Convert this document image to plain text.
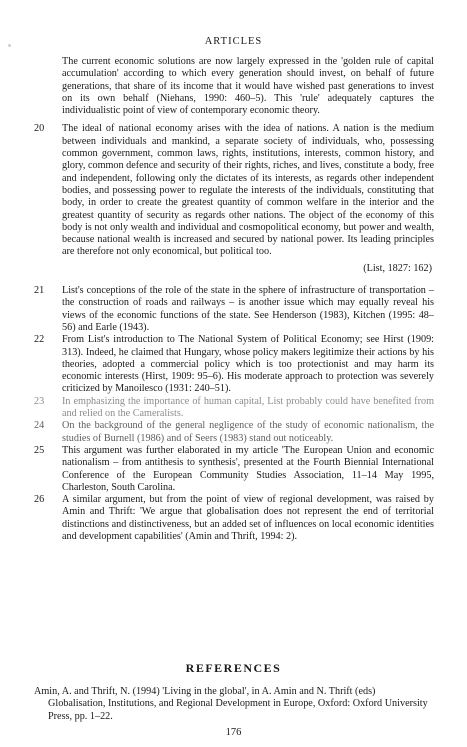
ARTICLES

The current economic solutions are now largely expressed in the 'golden rule of capital accumulation' according to which every generation should invest, on behalf of future generations, that share of its income that it would have wished past generations to invest on its own behalf (Niehans, 1990: 460–5). This 'rule' adequately captures the individualistic point of view of contemporary economic theory.

20	The ideal of national economy arises with the idea of nations. A nation is the medium between individuals and mankind, a separate society of individuals, who, possessing common government, common laws, rights, institutions, interests, common history, and glory, common defence and security of their rights, riches, and lives, constitute a body, free and independent, following only the dictates of its interests, as regards other independent bodies, and possessing power to regulate the interests of the individuals, constituting that body, in order to create the greatest quantity of common welfare in the interior and the greatest quantity of security as regards other nations. The object of the economy of this body is not only wealth and individual and cosmopolitical economy, but power and wealth, because national wealth is increased and secured by national power. Its leading principles are therefore not only economical, but political too.
(List, 1827: 162)
21	List's conceptions of the role of the state in the sphere of infrastructure of transportation – the construction of roads and railways – is another issue which may equally reveal his views of the economic functions of the state. See Henderson (1983), Kitchen (1995: 48–56) and Earle (1943).
22	From List's introduction to The National System of Political Economy; see Hirst (1909: 313). Indeed, he claimed that Hungary, whose policy makers legitimize their actions by his theories, adopted a commercial policy which is too protectionist and may harm its economic interests (Hirst, 1909: 95–6). His moderate approach to protection was severely criticized by Manoilesco (1931: 240–51).
23	In emphasizing the importance of human capital, List probably could have benefited from and relied on the Cameralists.
24	On the background of the general negligence of the study of economic nationalism, the studies of Burnell (1986) and of Seers (1983) stand out noticeably.
25	This argument was further elaborated in my article 'The European Union and economic nationalism – from antithesis to synthesis', presented at the Fourth Biennial International Conference of the European Community Studies Association, 11–14 May 1995, Charleston, South Carolina.
26	A similar argument, but from the point of view of regional development, was raised by Amin and Thrift: 'We argue that globalisation does not represent the end of territorial distinctions and distinctiveness, but an added set of influences on local economic identities and development capabilities' (Amin and Thrift, 1994: 2).
REFERENCES
Amin, A. and Thrift, N. (1994) 'Living in the global', in A. Amin and N. Thrift (eds) Globalisation, Institutions, and Regional Development in Europe, Oxford: Oxford University Press, pp. 1–22.
176
